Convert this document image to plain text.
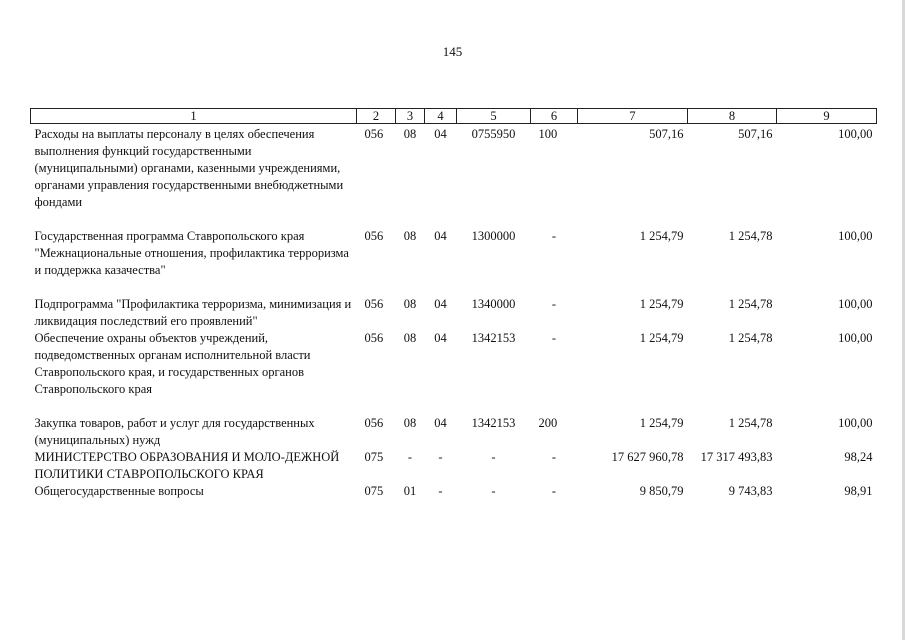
145
1	2	3	4	5	6	7	8	9
Расходы на выплаты персоналу в целях обеспечения выполнения функций государственными (муниципальными) органами, казенными учреждениями, органами управления государственными внебюджетными фондами	056	08	04	0755950	100	507,16	507,16	100,00
Государственная программа Ставропольского края "Межнациональные отношения, профилактика терроризма и поддержка казачества"	056	08	04	1300000	-	1 254,79	1 254,78	100,00
Подпрограмма "Профилактика терроризма, минимизация и ликвидация последствий его проявлений"	056	08	04	1340000	-	1 254,79	1 254,78	100,00
Обеспечение охраны объектов учреждений, подведомственных органам исполнительной власти Ставропольского края, и государственных органов Ставропольского края	056	08	04	1342153	-	1 254,79	1 254,78	100,00
Закупка товаров, работ и услуг для государственных (муниципальных) нужд	056	08	04	1342153	200	1 254,79	1 254,78	100,00
МИНИСТЕРСТВО ОБРАЗОВАНИЯ И МОЛО-ДЕЖНОЙ ПОЛИТИКИ СТАВРОПОЛЬСКОГО КРАЯ	075	-	-	-	-	17 627 960,78	17 317 493,83	98,24
Общегосударственные вопросы	075	01	-	-	-	9 850,79	9 743,83	98,91
